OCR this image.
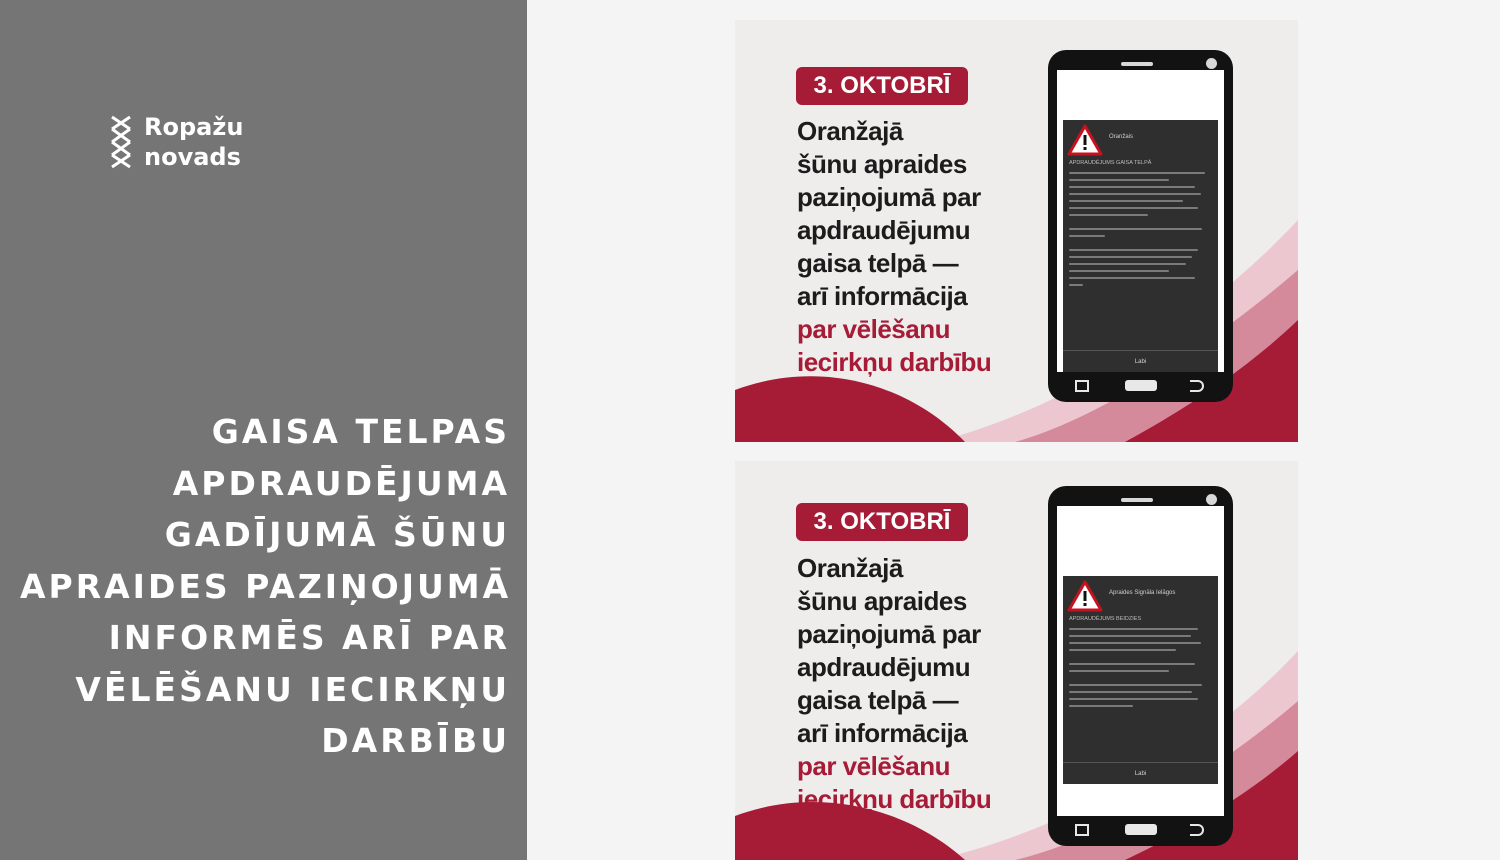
Ropažu
novads
GAISA TELPAS
APDRAUDĒJUMA
GADĪJUMĀ ŠŪNU
APRAIDES PAZIŅOJUMĀ
INFORMĒS ARĪ PAR
VĒLĒŠANU IECIRKŅU
DARBĪBU
3. OKTOBRĪ
Oranžajā
šūnu apraides
paziņojumā par
apdraudējumu
gaisa telpā —
arī informācija
par vēlēšanu
iecirkņu darbību
Oranžais
APDRAUDĒJUMS GAISA TELPĀ
Labi
3. OKTOBRĪ
Oranžajā
šūnu apraides
paziņojumā par
apdraudējumu
gaisa telpā —
arī informācija
par vēlēšanu
iecirkņu darbību
Apraides Signāla Ielāgos
APDRAUDĒJUMS BEIDZIES
Labi
